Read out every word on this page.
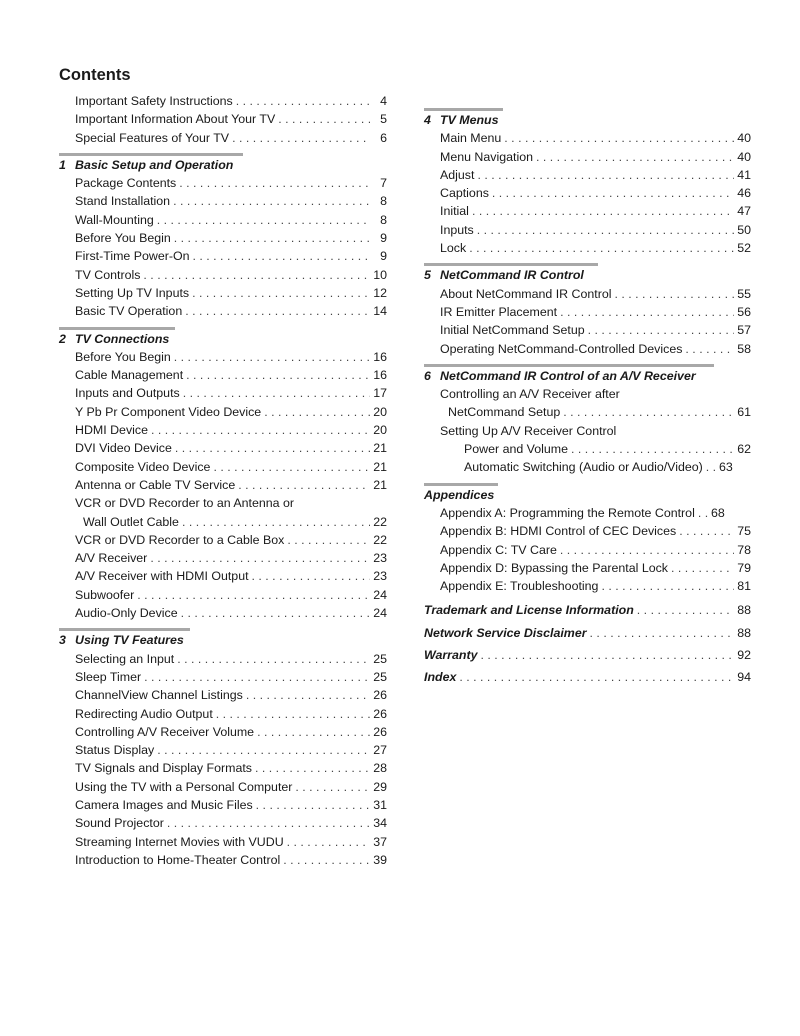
Contents
Important Safety Instructions . . .	4
Important Information About Your TV . . .	5
Special Features of Your TV . . .	6
1 Basic Setup and Operation
Package Contents . . .	7
Stand Installation . . .	8
Wall-Mounting . . .	8
Before You Begin . . .	9
First-Time Power-On . . .	9
TV Controls . . .	10
Setting Up TV Inputs . . .	12
Basic TV Operation . . .	14
2 TV Connections
Before You Begin . . .	16
Cable Management . . .	16
Inputs and Outputs . . .	17
Y Pb Pr Component Video Device . . .	20
HDMI Device . . .	20
DVI Video Device . . .	21
Composite Video Device . . .	21
Antenna or Cable TV Service . . .	21
VCR or DVD Recorder to an Antenna or
Wall Outlet Cable . . .	22
VCR or DVD Recorder to a Cable Box . . .	22
A/V Receiver . . .	23
A/V Receiver with HDMI Output . . .	23
Subwoofer . . .	24
Audio-Only Device . . .	24
3 Using TV Features
Selecting an Input . . .	25
Sleep Timer . . .	25
ChannelView Channel Listings . . .	26
Redirecting Audio Output . . .	26
Controlling A/V Receiver Volume . . .	26
Status Display . . .	27
TV Signals and Display Formats . . .	28
Using the TV with a Personal Computer . . .	29
Camera Images and Music Files . . .	31
Sound Projector . . .	34
Streaming Internet Movies with VUDU . . .	37
Introduction to Home-Theater Control . . .	39
4 TV Menus
Main Menu . . .	40
Menu Navigation . . .	40
Adjust . . .	41
Captions . . .	46
Initial . . .	47
Inputs . . .	50
Lock . . .	52
5 NetCommand IR Control
About NetCommand IR Control . . .	55
IR Emitter Placement . . .	56
Initial NetCommand Setup . . .	57
Operating NetCommand-Controlled Devices . . .	58
6 NetCommand IR Control of an A/V Receiver
Controlling an A/V Receiver after
NetCommand Setup . . .	61
Setting Up A/V Receiver Control
Power and Volume . . .	62
Automatic Switching (Audio or Audio/Video) . . . 63
Appendices
Appendix A: Programming the Remote Control . . . 68
Appendix B: HDMI Control of CEC Devices . . .	75
Appendix C: TV Care . . .	78
Appendix D: Bypassing the Parental Lock . . .	79
Appendix E: Troubleshooting . . .	81
Trademark and License Information . . .	88
Network Service Disclaimer . . .	88
Warranty . . .	92
Index . . .	94
